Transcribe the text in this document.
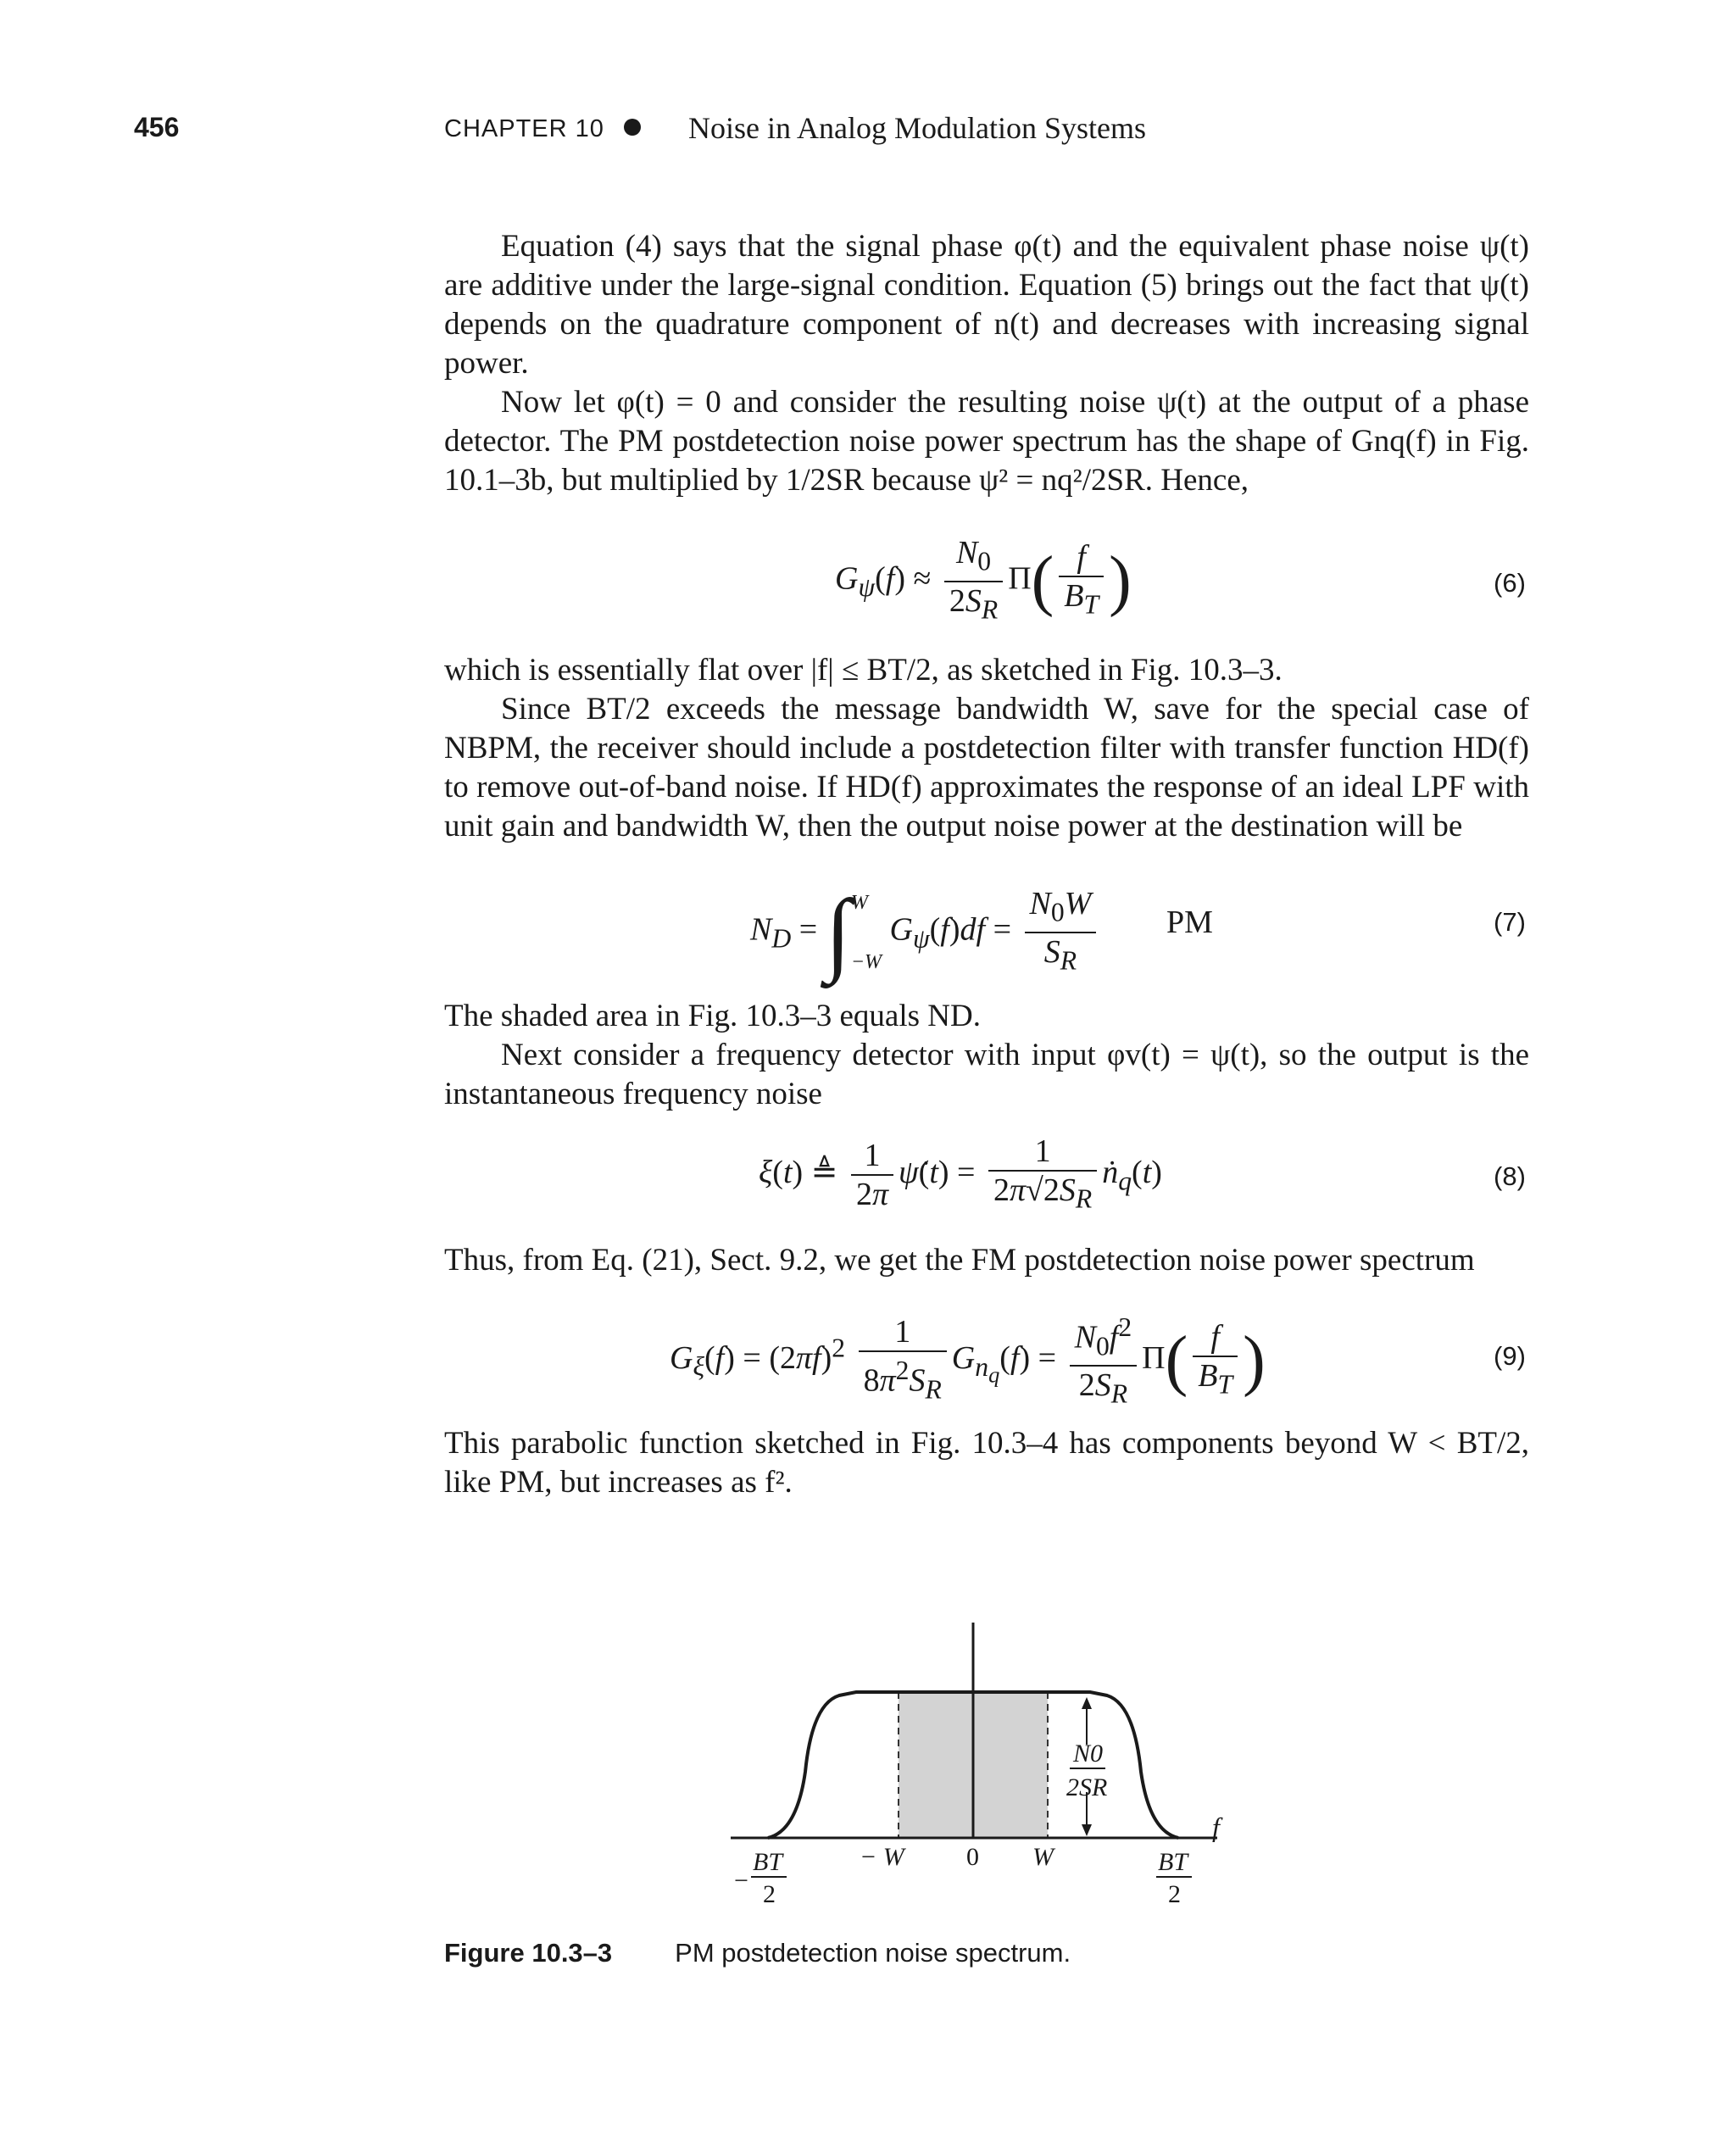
456	CHAPTER 10	Noise in Analog Modulation Systems

Equation (4) says that the signal phase φ(t) and the equivalent phase noise ψ(t) are additive under the large-signal condition. Equation (5) brings out the fact that ψ(t) depends on the quadrature component of n(t) and decreases with increasing signal power.

Now let φ(t) = 0 and consider the resulting noise ψ(t) at the output of a phase detector. The PM postdetection noise power spectrum has the shape of Gnq(f) in Fig. 10.1–3b, but multiplied by 1/2SR because ψ² = nq²/2SR. Hence,

$G_\psi(f) \approx \frac{N_0}{2S_R} \Pi( \frac{f}{B_T}$ )	(6)

which is essentially flat over |f| ≤ BT/2, as sketched in Fig. 10.3–3.

Since BT/2 exceeds the message bandwidth W, save for the special case of NBPM, the receiver should include a postdetection filter with transfer function HD(f) to remove out-of-band noise. If HD(f) approximates the response of an ideal LPF with unit gain and bandwidth W, then the output noise power at the destination will be

$N_D = \int W$
−W $G_\psi(f)df = \frac{N_0W}{S_R}$ PM	(7)

The shaded area in Fig. 10.3–3 equals ND.

Next consider a frequency detector with input φv(t) = ψ(t), so the output is the instantaneous frequency noise

ξ(t) ≜ $\frac{1}{2\pi}$ ψ̇(t) = $\frac{1}{2\pi√2S_R}$ ṅ$_q$(t)	(8)

Thus, from Eq. (21), Sect. 9.2, we get the FM postdetection noise power spectrum

$G_\xi(f) = (2\pi f)^2 \frac{1}{8\pi^2S_R} G_{n_q}(f) = \frac{N_0f^2}{2S_R} \Pi( \frac{f}{B_T}$ )	(9)

This parabolic function sketched in Fig. 10.3–4 has components beyond W < BT/2, like PM, but increases as f².

N0
2SR
− W 0 W
f
−
BT
2
BT
2
Figure 10.3–3 PM postdetection noise spectrum.
